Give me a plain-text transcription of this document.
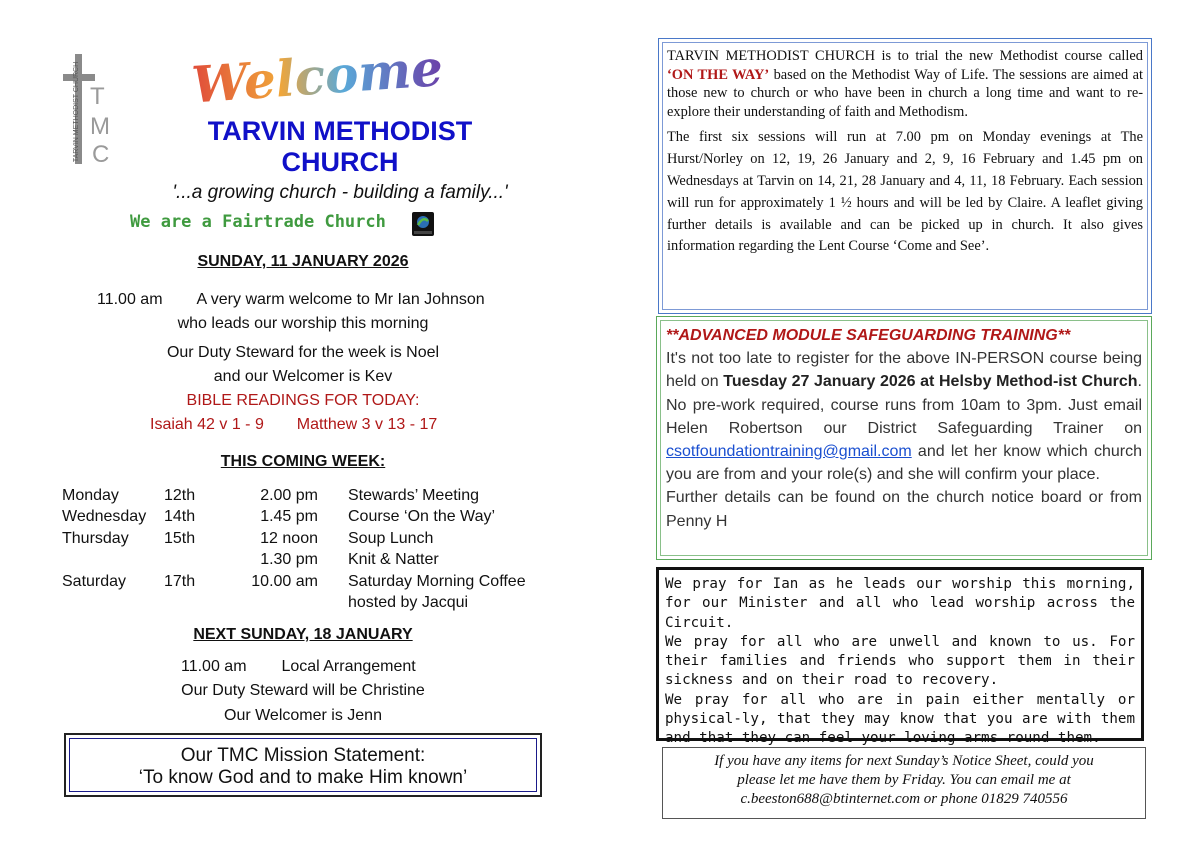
TARVIN METHODIST CHURCH T
M
C
Welcome
TARVIN METHODIST
CHURCH
'...a growing church - building a family...'
We are a Fairtrade Church
SUNDAY, 11 JANUARY 2026
11.00 am A very warm welcome to Mr Ian Johnson
who leads our worship this morning
Our Duty Steward for the week is Noel
and our Welcomer is Kev
BIBLE READINGS FOR TODAY:
Isaiah 42 v 1 - 9 Matthew 3 v 13 - 17
THIS COMING WEEK:
Monday	12th	2.00 pm	Stewards’ Meeting
Wednesday	14th	1.45 pm	Course ‘On the Way’
Thursday	15th	12 noon	Soup Lunch
		1.30 pm	Knit & Natter
Saturday	17th	10.00 am	Saturday Morning Coffee
			hosted by Jacqui
NEXT SUNDAY, 18 JANUARY
11.00 am Local Arrangement
Our Duty Steward will be Christine
Our Welcomer is Jenn
Our TMC Mission Statement:
‘To know God and to make Him known’

TARVIN METHODIST CHURCH is to trial the new Methodist course called ‘ON THE WAY’ based on the Methodist Way of Life. The sessions are aimed at those new to church or who have been in church a long time and want to re-explore their understanding of faith and Methodism.

The first six sessions will run at 7.00 pm on Monday evenings at The Hurst/Norley on 12, 19, 26 January and 2, 9, 16 February and 1.45 pm on Wednesdays at Tarvin on 14, 21, 28 January and 4, 11, 18 February. Each session will run for approximately 1 ½ hours and will be led by Claire. A leaflet giving further details is available and can be picked up in church. It also gives information regarding the Lent Course ‘Come and See’.

**ADVANCED MODULE SAFEGUARDING TRAINING**
It's not too late to register for the above IN-PERSON course being held on Tuesday 27 January 2026 at Helsby Method-ist Church. No pre-work required, course runs from 10am to 3pm. Just email Helen Robertson our District Safeguarding Trainer on csotfoundationtraining@gmail.com and let her know which church you are from and your role(s) and she will confirm your place.
Further details can be found on the church notice board or from Penny H

We pray for Ian as he leads our worship this morning, for our Minister and all who lead worship across the Circuit.

We pray for all who are unwell and known to us. For their families and friends who support them in their sickness and on their road to recovery.

We pray for all who are in pain either mentally or physical-ly, that they may know that you are with them and that they can feel your loving arms round them.

If you have any items for next Sunday’s Notice Sheet, could you
please let me have them by Friday. You can email me at
c.beeston688@btinternet.com or phone 01829 740556
